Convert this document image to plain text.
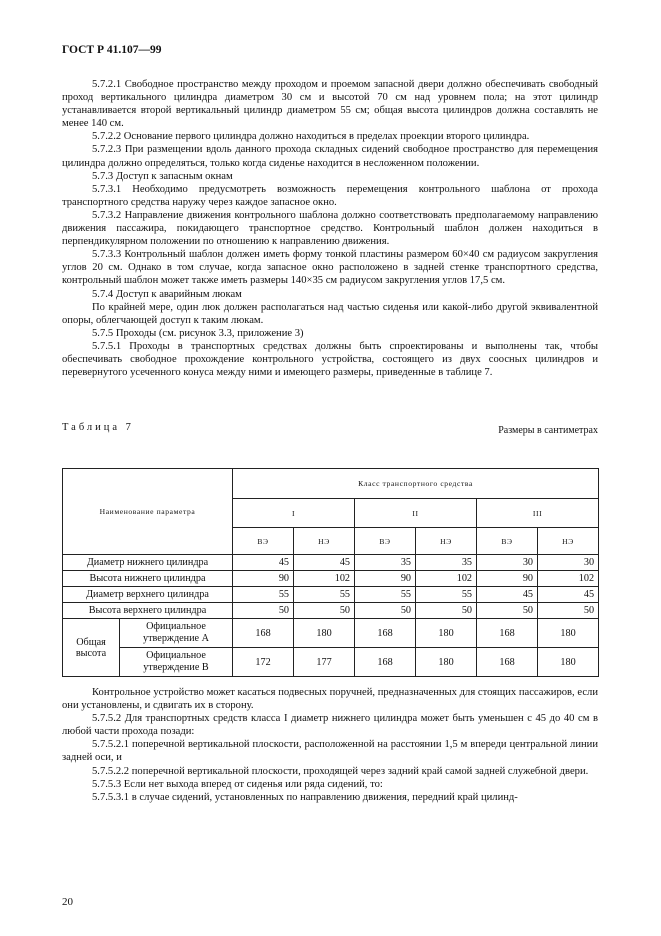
ГОСТ Р 41.107—99

5.7.2.1 Свободное пространство между проходом и проемом запасной двери должно обеспечивать свободный проход вертикального цилиндра диаметром 30 см и высотой 70 см над уровнем пола; на этот цилиндр устанавливается второй вертикальный цилиндр диаметром 55 см; общая высота цилиндров должна составлять не менее 140 см.

5.7.2.2 Основание первого цилиндра должно находиться в пределах проекции второго цилиндра.

5.7.2.3 При размещении вдоль данного прохода складных сидений свободное пространство для перемещения цилиндра должно определяться, только когда сиденье находится в несложенном положении.

5.7.3 Доступ к запасным окнам

5.7.3.1 Необходимо предусмотреть возможность перемещения контрольного шаблона от прохода транспортного средства наружу через каждое запасное окно.

5.7.3.2 Направление движения контрольного шаблона должно соответствовать предполагаемому направлению движения пассажира, покидающего транспортное средство. Контрольный шаблон должен находиться в перпендикулярном положении по отношению к направлению движения.

5.7.3.3 Контрольный шаблон должен иметь форму тонкой пластины размером 60×40 см радиусом закругления углов 20 см. Однако в том случае, когда запасное окно расположено в задней стенке транспортного средства, контрольный шаблон может также иметь размеры 140×35 см радиусом закругления углов 17,5 см.

5.7.4 Доступ к аварийным люкам

По крайней мере, один люк должен располагаться над частью сиденья или какой-либо другой эквивалентной опоры, облегчающей доступ к таким люкам.

5.7.5 Проходы (см. рисунок 3.3, приложение 3)

5.7.5.1 Проходы в транспортных средствах должны быть спроектированы и выполнены так, чтобы обеспечивать свободное прохождение контрольного устройства, состоящего из двух соосных цилиндров и перевернутого усеченного конуса между ними и имеющего размеры, приведенные в таблице 7.

Таблица 7	Размеры в сантиметрах
Наименование параметра		Класс транспортного средства					
		I		II		III	
		ВЭ	НЭ	ВЭ	НЭ	ВЭ	НЭ
Диаметр нижнего цилиндра		45	45	35	35	30	30
Высота нижнего цилиндра		90	102	90	102	90	102
Диаметр верхнего цилиндра		55	55	55	55	45	45
Высота верхнего цилиндра		50	50	50	50	50	50
Общая высота	Официальное утверждение А	168	180	168	180	168	180
	Официальное утверждение В	172	177	168	180	168	180

Контрольное устройство может касаться подвесных поручней, предназначенных для стоящих пассажиров, если они установлены, и сдвигать их в сторону.

5.7.5.2 Для транспортных средств класса I диаметр нижнего цилиндра может быть уменьшен с 45 до 40 см в любой части прохода позади:

5.7.5.2.1 поперечной вертикальной плоскости, расположенной на расстоянии 1,5 м впереди центральной линии задней оси, и

5.7.5.2.2 поперечной вертикальной плоскости, проходящей через задний край самой задней служебной двери.

5.7.5.3 Если нет выхода вперед от сиденья или ряда сидений, то:

5.7.5.3.1 в случае сидений, установленных по направлению движения, передний край цилинд-

20
